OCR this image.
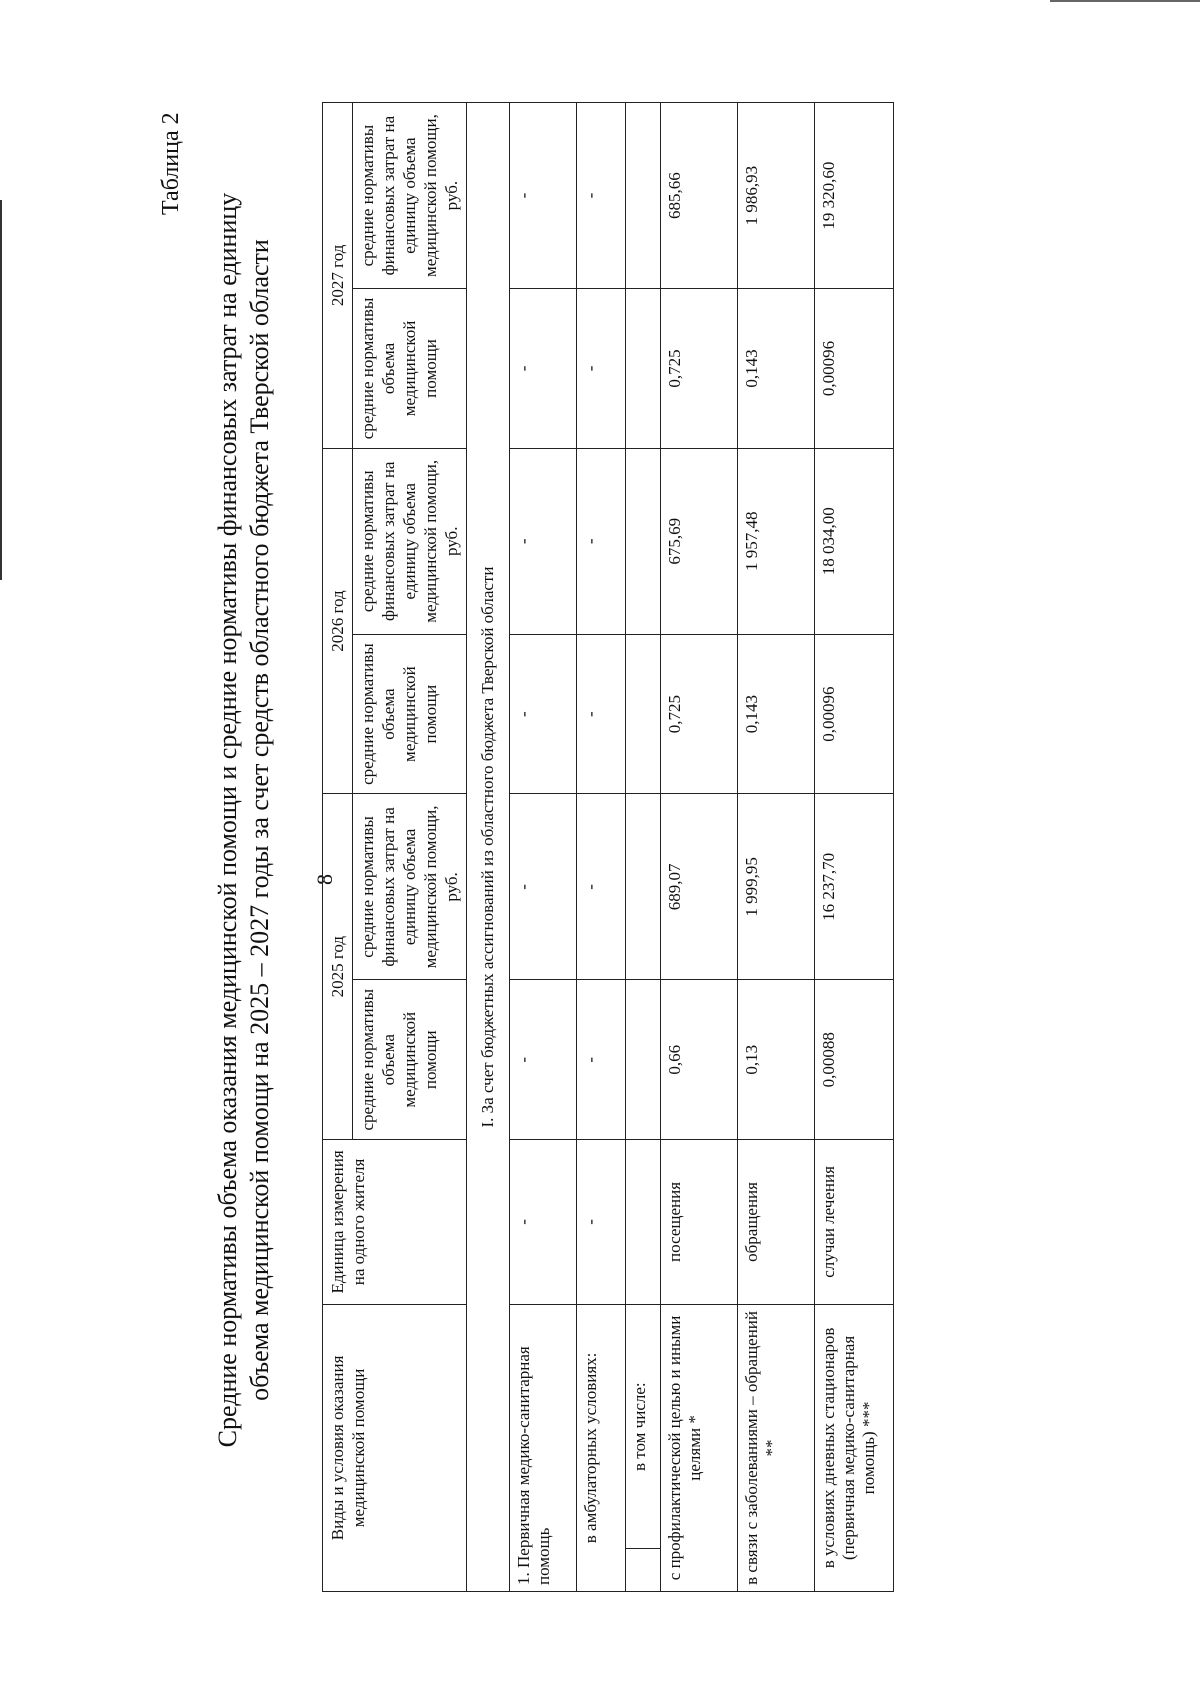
8
Таблица 2
Средние нормативы объема оказания медицинской помощи и средние нормативы финансовых затрат на единицу объема медицинской помощи на 2025 – 2027 годы за счет средств областного бюджета Тверской области
Виды и условия оказания медицинской помощи		Единица измерения на одного жителя	2025 год		2026 год		2027 год	
			средние нормативы объема медицинской помощи	средние нормативы финансовых затрат на единицу объема медицинской помощи, руб.	средние нормативы объема медицинской помощи	средние нормативы финансовых затрат на единицу объема медицинской помощи, руб.	средние нормативы объема медицинской помощи	средние нормативы финансовых затрат на единицу объема медицинской помощи, руб.
I. За счет бюджетных ассигнований из областного бюджета Тверской области								
1. Первичная медико-санитарная помощь		-	-	-	-	-	-	-
в амбулаторных условиях:		-	-	-	-	-	-	-
	в том числе:							
с профилактической целью и иными целями *		посещения	0,66	689,07	0,725	675,69	0,725	685,66
в связи с заболеваниями – обращений **		обращения	0,13	1 999,95	0,143	1 957,48	0,143	1 986,93
в условиях дневных стационаров (первичная медико-санитарная помощь) ***		случаи лечения	0,00088	16 237,70	0,00096	18 034,00	0,00096	19 320,60
